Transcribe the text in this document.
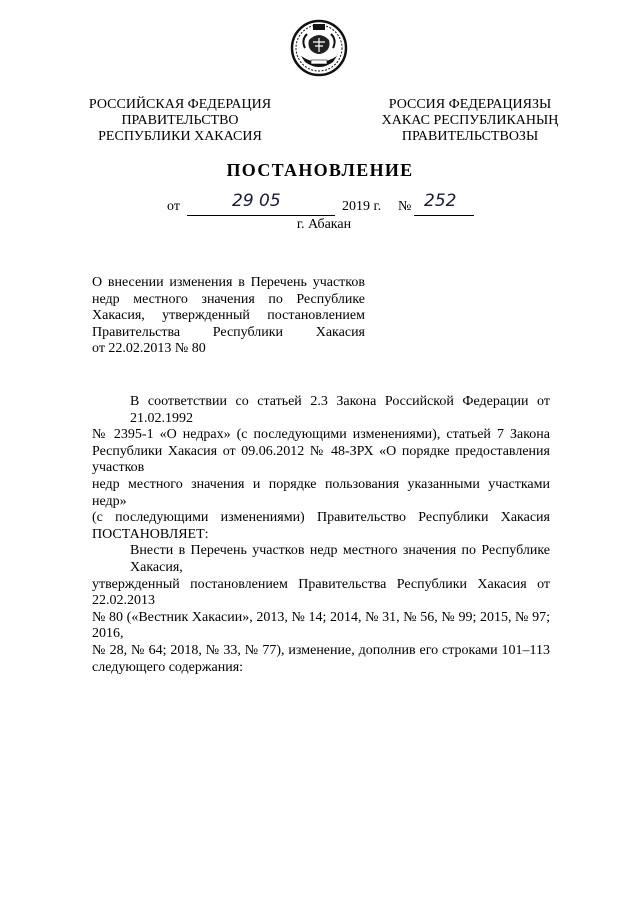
РОССИЙСКАЯ ФЕДЕРАЦИЯ
ПРАВИТЕЛЬСТВО
РЕСПУБЛИКИ ХАКАСИЯ
РОССИЯ ФЕДЕРАЦИЯЗЫ
ХАКАС РЕСПУБЛИКАНЫҢ
ПРАВИТЕЛЬСТВОЗЫ
ПОСТАНОВЛЕНИЕ
от	29 05	2019 г. № 252
г. Абакан
О внесении изменения в Перечень участков
недр местного значения по Республике
Хакасия, утвержденный постановлением
Правительства Республики Хакасия
от 22.02.2013 № 80
В соответствии со статьей 2.3 Закона Российской Федерации от 21.02.1992
№ 2395-1 «О недрах» (с последующими изменениями), статьей 7 Закона
Республики Хакасия от 09.06.2012 № 48-ЗРХ «О порядке предоставления участков
недр местного значения и порядке пользования указанными участками недр»
(с последующими изменениями) Правительство Республики Хакасия
ПОСТАНОВЛЯЕТ:
Внести в Перечень участков недр местного значения по Республике Хакасия,
утвержденный постановлением Правительства Республики Хакасия от 22.02.2013
№ 80 («Вестник Хакасии», 2013, № 14; 2014, № 31, № 56, № 99; 2015, № 97; 2016,
№ 28, № 64; 2018, № 33, № 77), изменение, дополнив его строками 101–113
следующего содержания:
